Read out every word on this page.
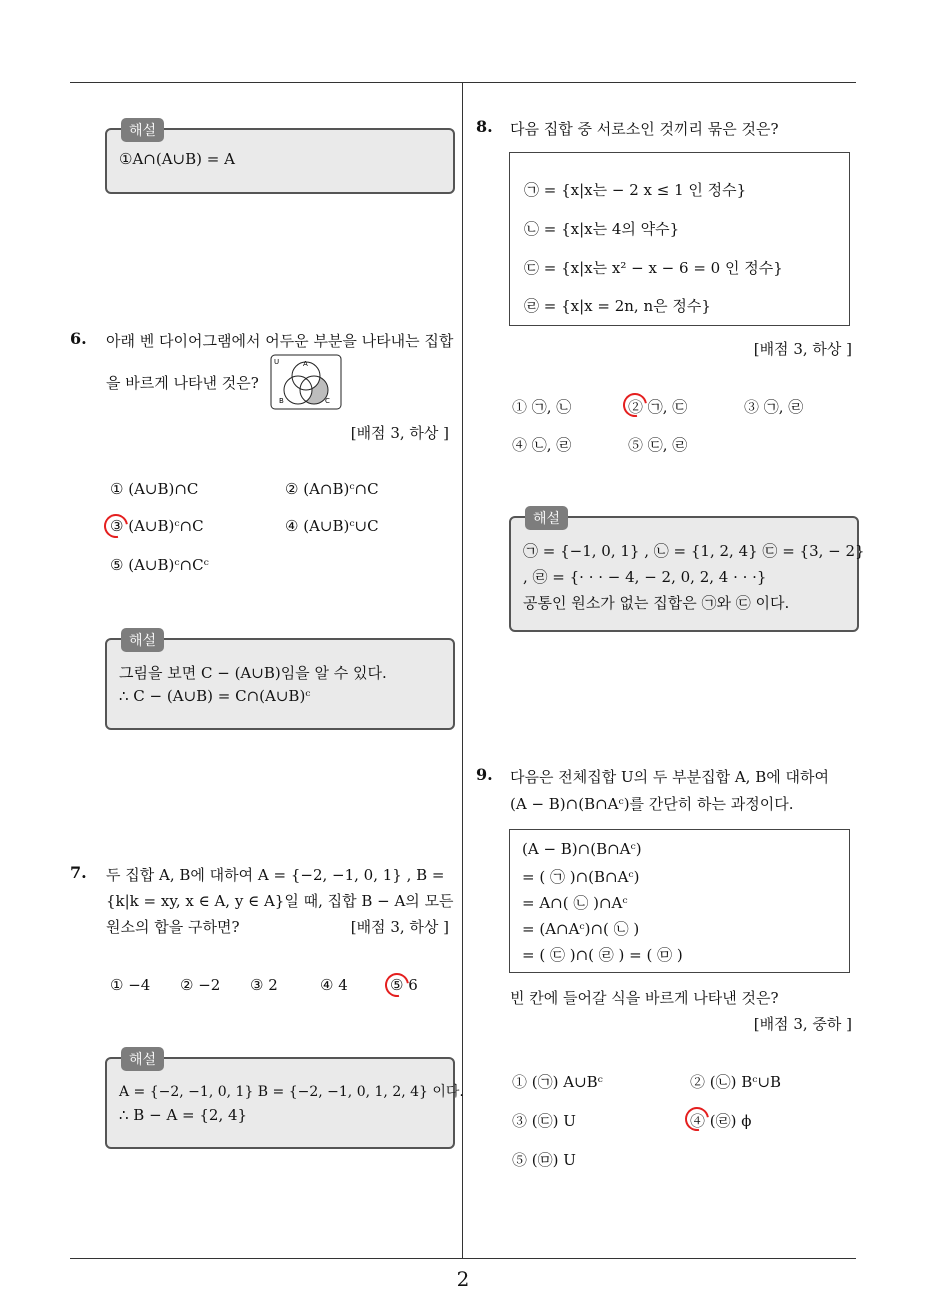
2
해설
①A∩(A∪B) = A
6. 아래 벤 다이어그램에서 어두운 부분을 나타내는 집합
을 바르게 나타낸 것은?
U	A
B	C
[배점 3, 하상 ]
① (A∪B)∩C	② (A∩B)ᶜ∩C
③ (A∪B)ᶜ∩C	④ (A∪B)ᶜ∪C
⑤ (A∪B)ᶜ∩Cᶜ
해설
그림을 보면 C − (A∪B)임을 알 수 있다.
∴ C − (A∪B) = C∩(A∪B)ᶜ
7. 두 집합 A, B에 대하여 A = {−2, −1, 0, 1} , B =
{k|k = xy, x ∈ A, y ∈ A}일 때, 집합 B − A의 모든
원소의 합을 구하면?	[배점 3, 하상 ]
① −4 ② −2 ③ 2	④ 4	⑤ 6
해설
A = {−2, −1, 0, 1} B = {−2, −1, 0, 1, 2, 4} 이다.
∴ B − A = {2, 4}
8. 다음 집합 중 서로소인 것끼리 묶은 것은?
㉠ = {x|x는 − 2 x ≤ 1 인 정수}
㉡ = {x|x는 4의 약수}
㉢ = {x|x는 x² − x − 6 = 0 인 정수}
㉣ = {x|x = 2n, n은 정수}
[배점 3, 하상 ]
① ㉠, ㉡	② ㉠, ㉢	③ ㉠, ㉣
④ ㉡, ㉣	⑤ ㉢, ㉣
해설
㉠ = {−1, 0, 1} , ㉡ = {1, 2, 4} ㉢ = {3, − 2}
, ㉣ = {· · · − 4, − 2, 0, 2, 4 · · ·}
공통인 원소가 없는 집합은 ㉠와 ㉢ 이다.
9. 다음은 전체집합 U의 두 부분집합 A, B에 대하여
(A − B)∩(B∩Aᶜ)를 간단히 하는 과정이다.
(A − B)∩(B∩Aᶜ)
= ( ㉠ )∩(B∩Aᶜ)
= A∩( ㉡ )∩Aᶜ
= (A∩Aᶜ)∩( ㉡ )
= ( ㉢ )∩( ㉣ ) = ( ㉤ )
빈 칸에 들어갈 식을 바르게 나타낸 것은?
[배점 3, 중하 ]
① (㉠) A∪Bᶜ	② (㉡) Bᶜ∪B
③ (㉢) U	④ (㉣) ϕ
⑤ (㉤) U
